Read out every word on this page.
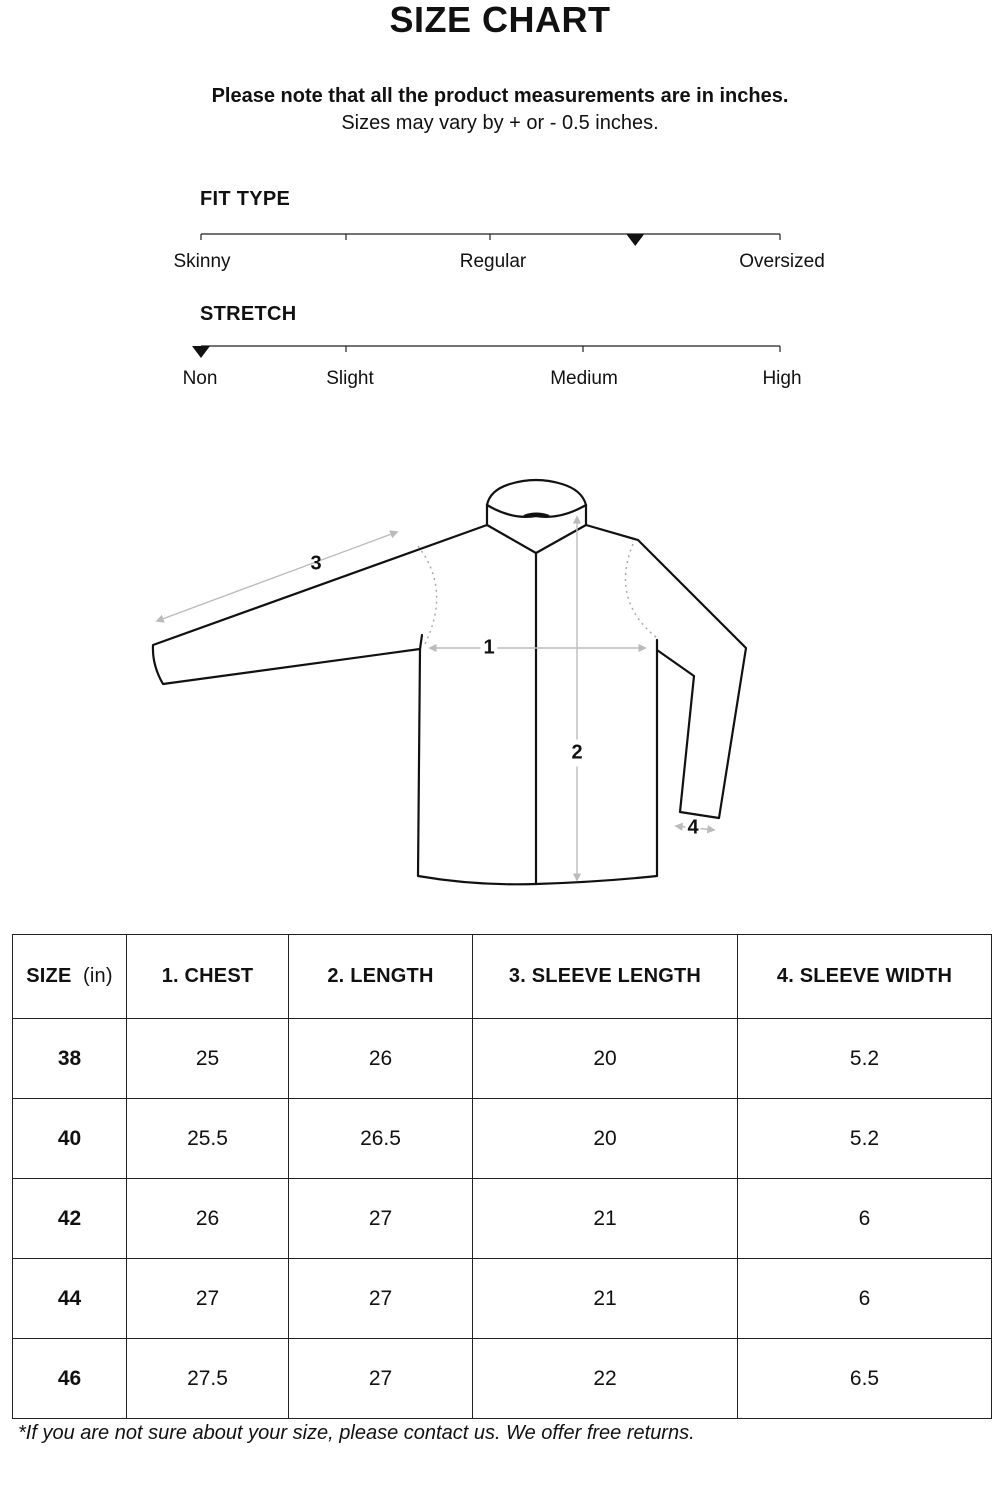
SIZE CHART
Please note that all the product measurements are in inches.
Sizes may vary by + or - 0.5 inches.
FIT TYPE
Skinny	Regular	Oversized
STRETCH
Non	Slight	Medium	High
1
2
3
4
SIZE (in)	1. CHEST	2. LENGTH	3. SLEEVE LENGTH	4. SLEEVE WIDTH
38	25	26	20	5.2
40	25.5	26.5	20	5.2
42	26	27	21	6
44	27	27	21	6
46	27.5	27	22	6.5
*If you are not sure about your size, please contact us. We offer free returns.
